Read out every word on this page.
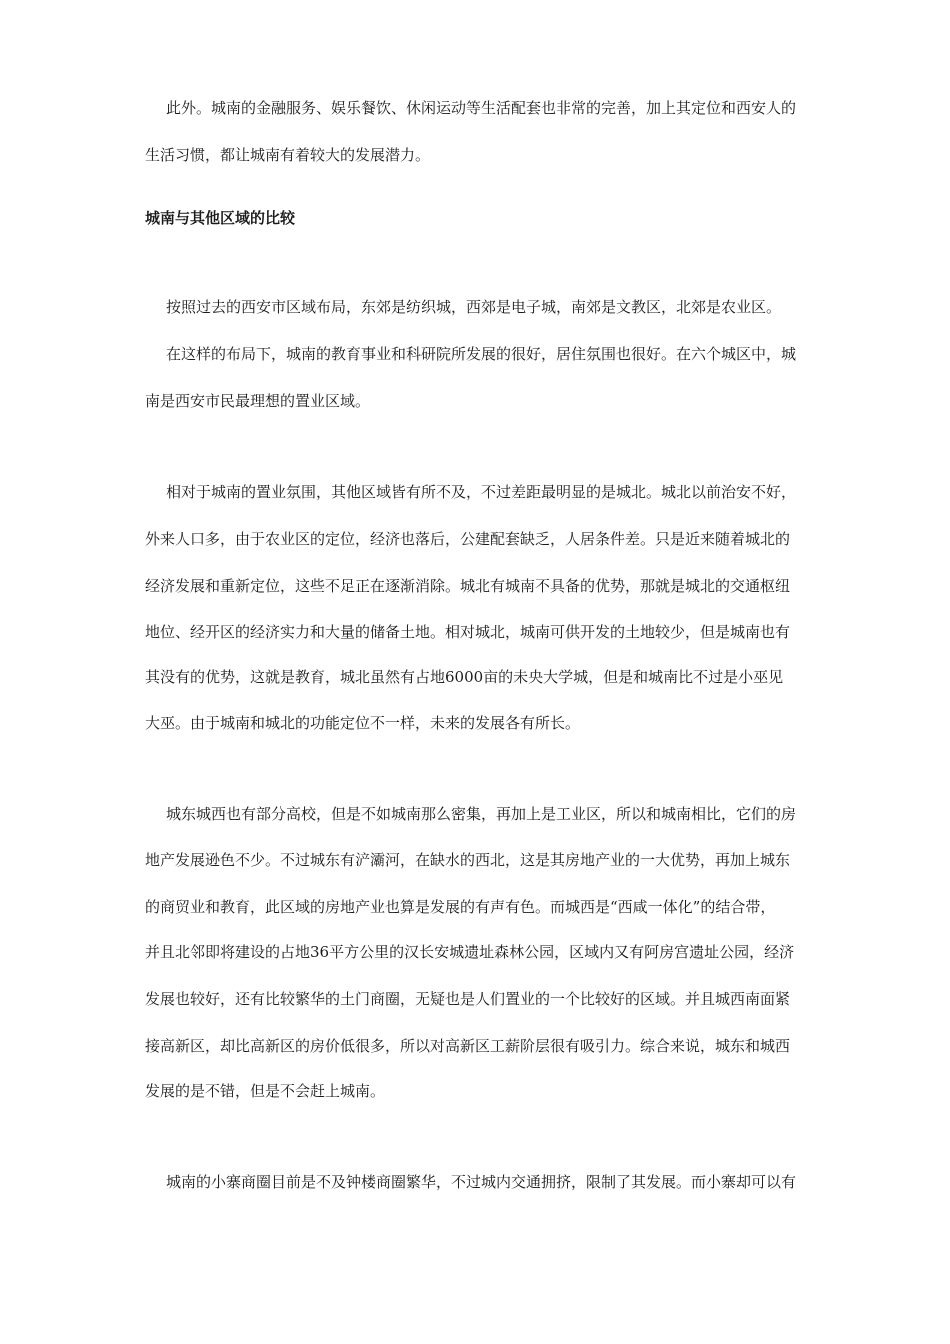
此外。城南的金融服务、娱乐餐饮、休闲运动等生活配套也非常的完善，加上其定位和西安人的
生活习惯，都让城南有着较大的发展潜力。
城南与其他区域的比较
按照过去的西安市区域布局，东郊是纺织城，西郊是电子城，南郊是文教区，北郊是农业区。
在这样的布局下，城南的教育事业和科研院所发展的很好，居住氛围也很好。在六个城区中，城
南是西安市民最理想的置业区域。
相对于城南的置业氛围，其他区域皆有所不及，不过差距最明显的是城北。城北以前治安不好，
外来人口多，由于农业区的定位，经济也落后，公建配套缺乏，人居条件差。只是近来随着城北的
经济发展和重新定位，这些不足正在逐渐消除。城北有城南不具备的优势，那就是城北的交通枢纽
地位、经开区的经济实力和大量的储备土地。相对城北，城南可供开发的土地较少，但是城南也有
其没有的优势，这就是教育，城北虽然有占地6000亩的未央大学城，但是和城南比不过是小巫见
大巫。由于城南和城北的功能定位不一样，未来的发展各有所长。
城东城西也有部分高校，但是不如城南那么密集，再加上是工业区，所以和城南相比，它们的房
地产发展逊色不少。不过城东有浐灞河，在缺水的西北，这是其房地产业的一大优势，再加上城东
的商贸业和教育，此区域的房地产业也算是发展的有声有色。而城西是“西咸一体化”的结合带，
并且北邻即将建设的占地36平方公里的汉长安城遗址森林公园，区域内又有阿房宫遗址公园，经济
发展也较好，还有比较繁华的土门商圈，无疑也是人们置业的一个比较好的区域。并且城西南面紧
接高新区，却比高新区的房价低很多，所以对高新区工薪阶层很有吸引力。综合来说，城东和城西
发展的是不错，但是不会赶上城南。
城南的小寨商圈目前是不及钟楼商圈繁华，不过城内交通拥挤，限制了其发展。而小寨却可以有
